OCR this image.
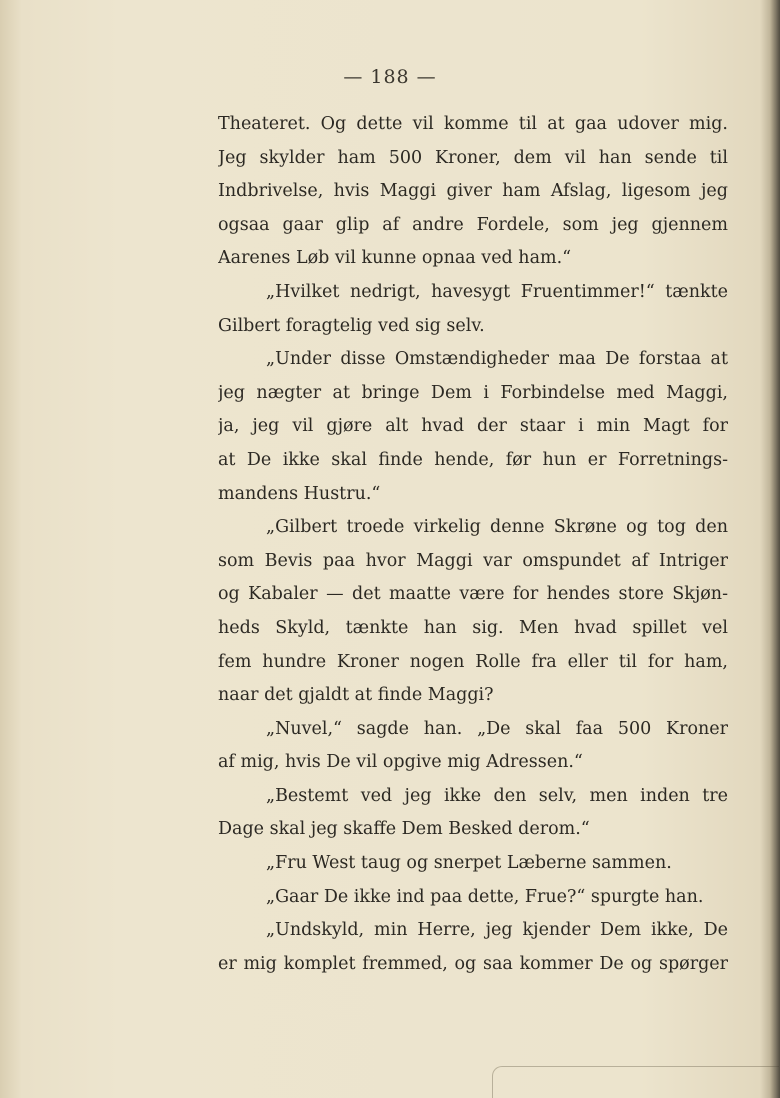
— 188 —
Theateret. Og dette vil komme til at gaa udover mig.
Jeg skylder ham 500 Kroner, dem vil han sende til
Indbrivelse, hvis Maggi giver ham Afslag, ligesom jeg
ogsaa gaar glip af andre Fordele, som jeg gjennem
Aarenes Løb vil kunne opnaa ved ham.“
„Hvilket nedrigt, havesygt Fruentimmer!“ tænkte
Gilbert foragtelig ved sig selv.
„Under disse Omstændigheder maa De forstaa at
jeg nægter at bringe Dem i Forbindelse med Maggi,
ja, jeg vil gjøre alt hvad der staar i min Magt for
at De ikke skal finde hende, før hun er Forretnings-
mandens Hustru.“
„Gilbert troede virkelig denne Skrøne og tog den
som Bevis paa hvor Maggi var omspundet af Intriger
og Kabaler — det maatte være for hendes store Skjøn-
heds Skyld, tænkte han sig. Men hvad spillet vel
fem hundre Kroner nogen Rolle fra eller til for ham,
naar det gjaldt at finde Maggi?
„Nuvel,“ sagde han. „De skal faa 500 Kroner
af mig, hvis De vil opgive mig Adressen.“
„Bestemt ved jeg ikke den selv, men inden tre
Dage skal jeg skaffe Dem Besked derom.“
„Fru West taug og snerpet Læberne sammen.
„Gaar De ikke ind paa dette, Frue?“ spurgte han.
„Undskyld, min Herre, jeg kjender Dem ikke, De
er mig komplet fremmed, og saa kommer De og spørger
